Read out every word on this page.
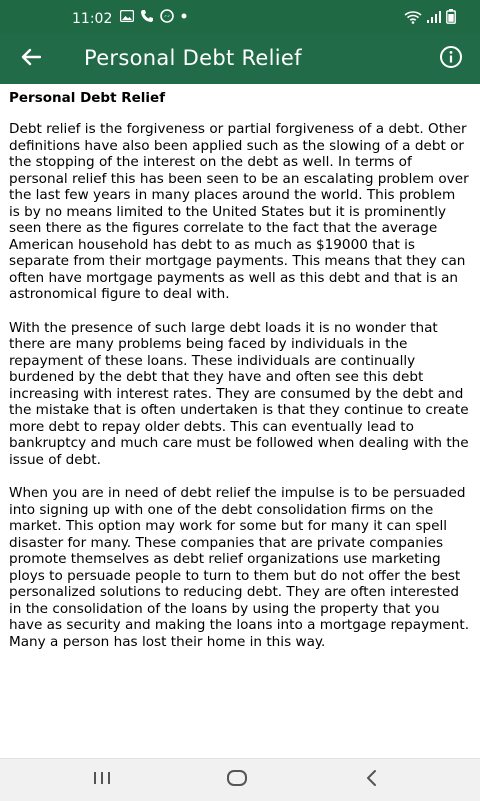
11:02
Personal Debt Relief
Personal Debt Relief

Debt relief is the forgiveness or partial forgiveness of a debt. Other definitions have also been applied such as the slowing of a debt or the stopping of the interest on the debt as well. In terms of personal relief this has been seen to be an escalating problem over the last few years in many places around the world. This problem is by no means limited to the United States but it is prominently seen there as the figures correlate to the fact that the average American household has debt to as much as $19000 that is separate from their mortgage payments. This means that they can often have mortgage payments as well as this debt and that is an astronomical figure to deal with.

With the presence of such large debt loads it is no wonder that there are many problems being faced by individuals in the repayment of these loans. These individuals are continually burdened by the debt that they have and often see this debt increasing with interest rates. They are consumed by the debt and the mistake that is often undertaken is that they continue to create more debt to repay older debts. This can eventually lead to bankruptcy and much care must be followed when dealing with the issue of debt.

When you are in need of debt relief the impulse is to be persuaded into signing up with one of the debt consolidation firms on the market. This option may work for some but for many it can spell disaster for many. These companies that are private companies promote themselves as debt relief organizations use marketing ploys to persuade people to turn to them but do not offer the best personalized solutions to reducing debt. They are often interested in the consolidation of the loans by using the property that you have as security and making the loans into a mortgage repayment. Many a person has lost their home in this way.
